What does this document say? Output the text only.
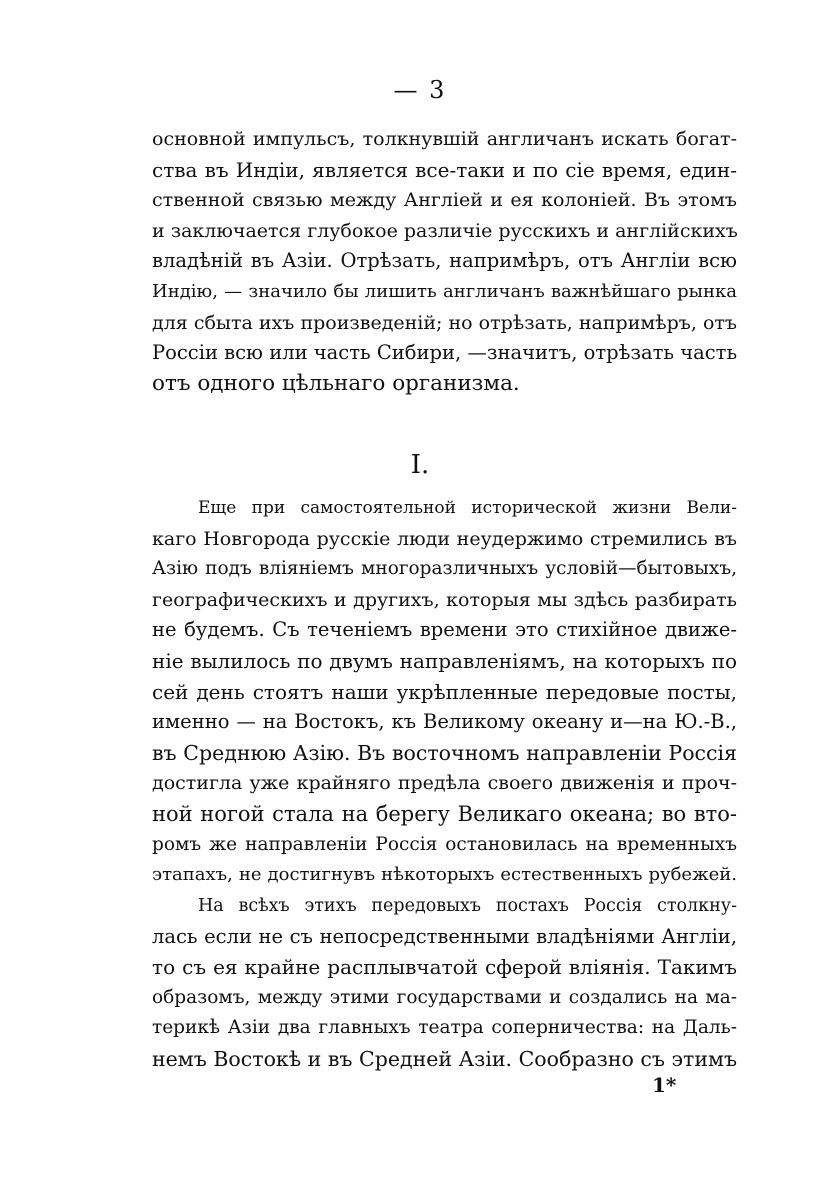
— 3
основной импульсъ, толкнувшій англичанъ искать богат-
ства въ Индіи, является все-таки и по сіе время, един-
ственной связью между Англіей и ея колоніей. Въ этомъ
и заключается глубокое различіе русскихъ и англійскихъ
владѣній въ Азіи. Отрѣзать, напримѣръ, отъ Англіи всю
Индію, — значило бы лишить англичанъ важнѣйшаго рынка
для сбыта ихъ произведеній; но отрѣзать, напримѣръ, отъ
Россіи всю или часть Сибири, —значитъ, отрѣзать часть
отъ одного цѣльнаго организма.
I.
Еще при самостоятельной исторической жизни Вели-
каго Новгорода русскіе люди неудержимо стремились въ
Азію подъ вліяніемъ многоразличныхъ условій—бытовыхъ,
географическихъ и другихъ, которыя мы здѣсь разбирать
не будемъ. Съ теченіемъ времени это стихійное движе-
ніе вылилось по двумъ направленіямъ, на которыхъ по
сей день стоятъ наши укрѣпленные передовые посты,
именно — на Востокъ, къ Великому океану и—на Ю.-В.,
въ Среднюю Азію. Въ восточномъ направленіи Россія
достигла уже крайняго предѣла своего движенія и проч-
ной ногой стала на берегу Великаго океана; во вто-
ромъ же направленіи Россія остановилась на временныхъ
этапахъ, не достигнувъ нѣкоторыхъ естественныхъ рубежей.
На всѣхъ этихъ передовыхъ постахъ Россія столкну-
лась если не съ непосредственными владѣніями Англіи,
то съ ея крайне расплывчатой сферой вліянія. Такимъ
образомъ, между этими государствами и создались на ма-
терикѣ Азіи два главныхъ театра соперничества: на Даль-
немъ Востокѣ и въ Средней Азіи. Сообразно съ этимъ
1*
